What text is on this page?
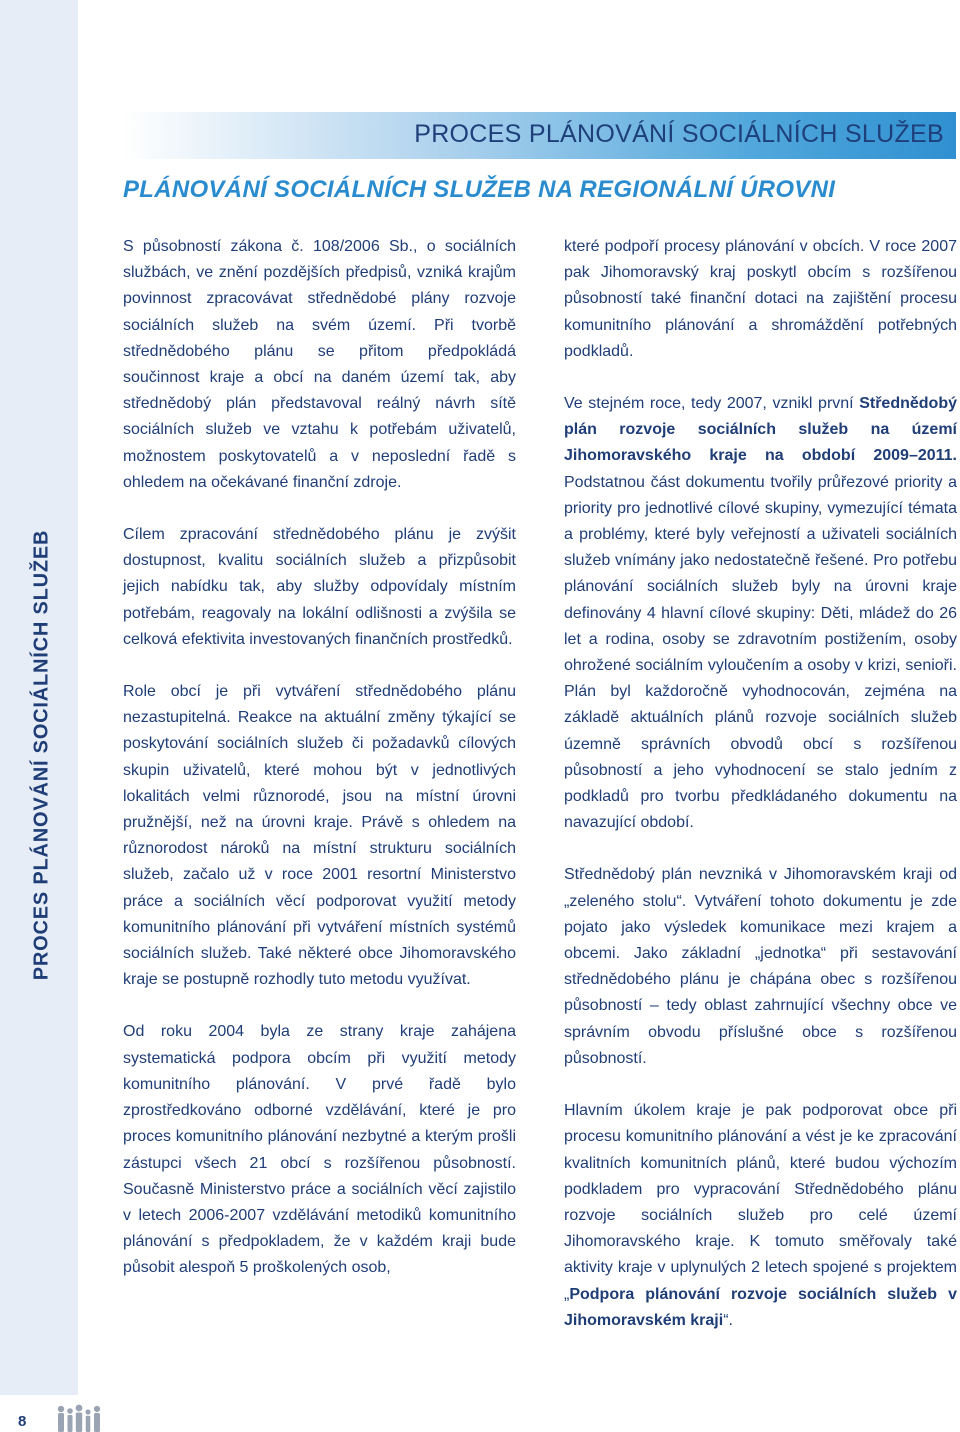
PROCES PLÁNOVÁNÍ SOCIÁLNÍCH SLUŽEB
PROCES PLÁNOVÁNÍ SOCIÁLNÍCH SLUŽEB
PLÁNOVÁNÍ SOCIÁLNÍCH SLUŽEB NA REGIONÁLNÍ ÚROVNI

S působností zákona č. 108/2006 Sb., o sociálních službách, ve znění pozdějších předpisů, vzniká krajům povinnost zpracovávat střednědobé plány rozvoje sociálních služeb na svém území. Při tvorbě střednědobého plánu se přitom předpokládá součinnost kraje a obcí na daném území tak, aby střednědobý plán představoval reálný návrh sítě sociálních služeb ve vztahu k potřebám uživatelů, možnostem poskytovatelů a v neposlední řadě s ohledem na očekávané finanční zdroje.

Cílem zpracování střednědobého plánu je zvýšit dostupnost, kvalitu sociálních služeb a přizpůsobit jejich nabídku tak, aby služby odpovídaly místním potřebám, reagovaly na lokální odlišnosti a zvýšila se celková efektivita investovaných finančních prostředků.

Role obcí je při vytváření střednědobého plánu nezastupitelná. Reakce na aktuální změny týkající se poskytování sociálních služeb či požadavků cílových skupin uživatelů, které mohou být v jednotlivých lokalitách velmi různorodé, jsou na místní úrovni pružnější, než na úrovni kraje. Právě s ohledem na různorodost nároků na místní strukturu sociálních služeb, začalo už v roce 2001 resortní Ministerstvo práce a sociálních věcí podporovat využití metody komunitního plánování při vytváření místních systémů sociálních služeb. Také některé obce Jihomoravského kraje se postupně rozhodly tuto metodu využívat.

Od roku 2004 byla ze strany kraje zahájena systematická podpora obcím při využití metody komunitního plánování. V prvé řadě bylo zprostředkováno odborné vzdělávání, které je pro proces komunitního plánování nezbytné a kterým prošli zástupci všech 21 obcí s rozšířenou působností. Současně Ministerstvo práce a sociálních věcí zajistilo v letech 2006-2007 vzdělávání metodiků komunitního plánování s předpokladem, že v každém kraji bude působit alespoň 5 proškolených osob,

které podpoří procesy plánování v obcích. V roce 2007 pak Jihomoravský kraj poskytl obcím s rozšířenou působností také finanční dotaci na zajištění procesu komunitního plánování a shromáždění potřebných podkladů.

Ve stejném roce, tedy 2007, vznikl první Střednědobý plán rozvoje sociálních služeb na území Jihomoravského kraje na období 2009–2011. Podstatnou část dokumentu tvořily průřezové priority a priority pro jednotlivé cílové skupiny, vymezující témata a problémy, které byly veřejností a uživateli sociálních služeb vnímány jako nedostatečně řešené. Pro potřebu plánování sociálních služeb byly na úrovni kraje definovány 4 hlavní cílové skupiny: Děti, mládež do 26 let a rodina, osoby se zdravotním postižením, osoby ohrožené sociálním vyloučením a osoby v krizi, senioři. Plán byl každoročně vyhodnocován, zejména na základě aktuálních plánů rozvoje sociálních služeb územně správních obvodů obcí s rozšířenou působností a jeho vyhodnocení se stalo jedním z podkladů pro tvorbu předkládaného dokumentu na navazující období.

Střednědobý plán nevzniká v Jihomoravském kraji od „zeleného stolu“. Vytváření tohoto dokumentu je zde pojato jako výsledek komunikace mezi krajem a obcemi. Jako základní „jednotka“ při sestavování střednědobého plánu je chápána obec s rozšířenou působností – tedy oblast zahrnující všechny obce ve správním obvodu příslušné obce s rozšířenou působností.

Hlavním úkolem kraje je pak podporovat obce při procesu komunitního plánování a vést je ke zpracování kvalitních komunitních plánů, které budou výchozím podkladem pro vypracování Střednědobého plánu rozvoje sociálních služeb pro celé území Jihomoravského kraje. K tomuto směřovaly také aktivity kraje v uplynulých 2 letech spojené s projektem „Podpora plánování rozvoje sociálních služeb v Jihomoravském kraji“.

8
